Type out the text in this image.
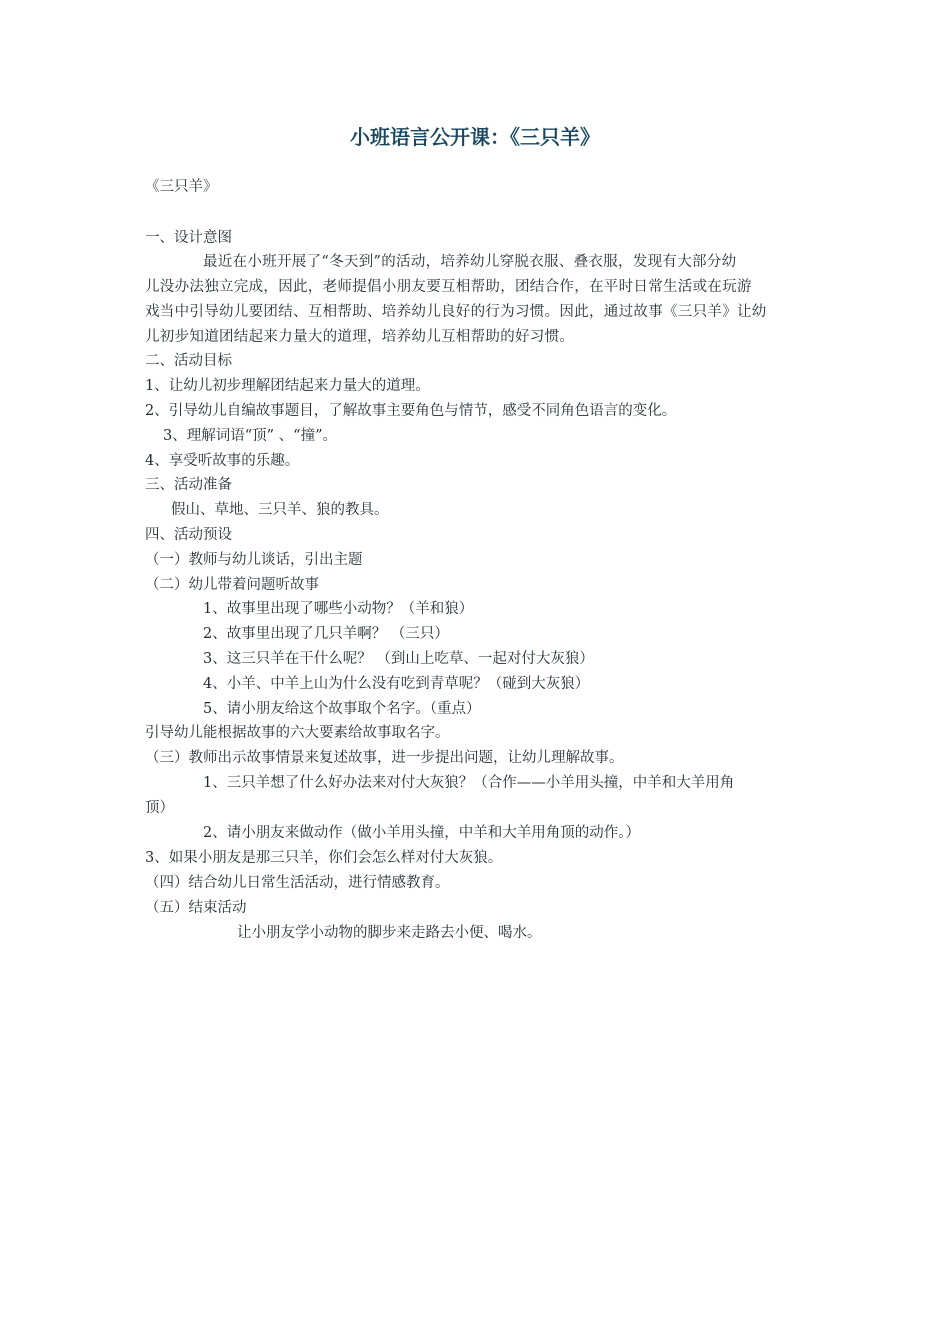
小班语言公开课：《三只羊》
《三只羊》
一、设计意图
最近在小班开展了“冬天到”的活动，培养幼儿穿脱衣服、叠衣服，发现有大部分幼
儿没办法独立完成，因此，老师提倡小朋友要互相帮助，团结合作，在平时日常生活或在玩游
戏当中引导幼儿要团结、互相帮助、培养幼儿良好的行为习惯。因此，通过故事《三只羊》让幼
儿初步知道团结起来力量大的道理，培养幼儿互相帮助的好习惯。
二、活动目标
1、让幼儿初步理解团结起来力量大的道理。
2、引导幼儿自编故事题目，了解故事主要角色与情节，感受不同角色语言的变化。
3、理解词语“顶” 、“撞”。
4、享受听故事的乐趣。
三、活动准备
假山、草地、三只羊、狼的教具。
四、活动预设
（一）教师与幼儿谈话，引出主题
（二）幼儿带着问题听故事
1、故事里出现了哪些小动物？（羊和狼）
2、故事里出现了几只羊啊？ （三只）
3、这三只羊在干什么呢？ （到山上吃草、一起对付大灰狼）
4、小羊、中羊上山为什么没有吃到青草呢？（碰到大灰狼）
5、请小朋友给这个故事取个名字。（重点）
引导幼儿能根据故事的六大要素给故事取名字。
（三）教师出示故事情景来复述故事，进一步提出问题，让幼儿理解故事。
1、三只羊想了什么好办法来对付大灰狼？（合作——小羊用头撞，中羊和大羊用角
顶）
2、请小朋友来做动作（做小羊用头撞，中羊和大羊用角顶的动作。）
3、如果小朋友是那三只羊，你们会怎么样对付大灰狼。
（四）结合幼儿日常生活活动，进行情感教育。
（五）结束活动
让小朋友学小动物的脚步来走路去小便、喝水。
